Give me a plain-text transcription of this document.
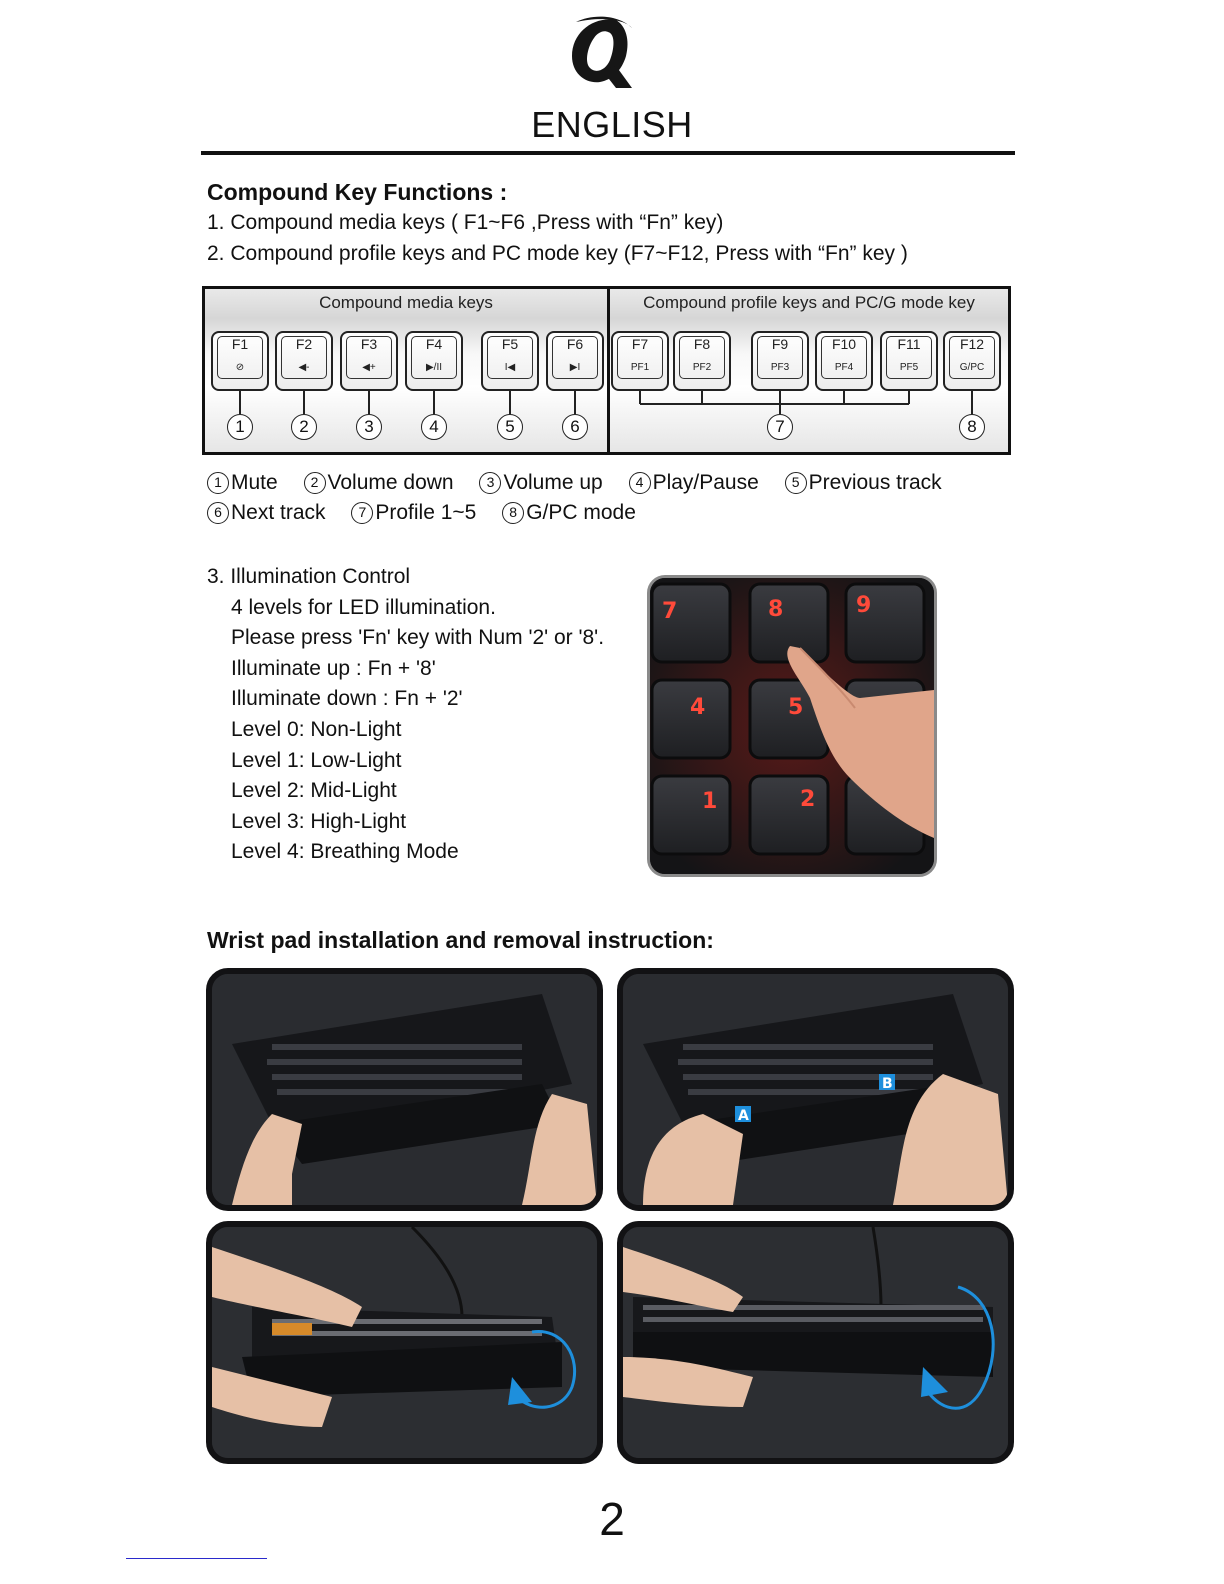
ENGLISH
Compound Key Functions :
1. Compound media keys ( F1~F6 ,Press with “Fn” key)
2. Compound profile keys and PC mode key (F7~F12, Press with “Fn” key )
Compound media keys	Compound profile keys and PC/G mode key
F1
⊘
F2
◀-
F3
◀+
F4
▶/II
F5
I◀
F6
▶I
F7
PF1
F8
PF2
F9
PF3
F10
PF4
F11
PF5
F12
G/PC
1	2	3	4	5	6	7	8
1 Mute 2 Volume down 3 Volume up 4 Play/Pause 5 Previous track
6 Next track 7 Profile 1~5 8 G/PC mode
3. Illumination Control
4 levels for LED illumination.
Please press 'Fn' key with Num '2' or '8'.
Illuminate up : Fn + '8'
Illuminate down : Fn + '2'
Level 0: Non-Light
Level 1: Low-Light
Level 2: Mid-Light
Level 3: High-Light
Level 4: Breathing Mode
7	8	9
4	5
1	2
Wrist pad installation and removal instruction:
A
B
2
